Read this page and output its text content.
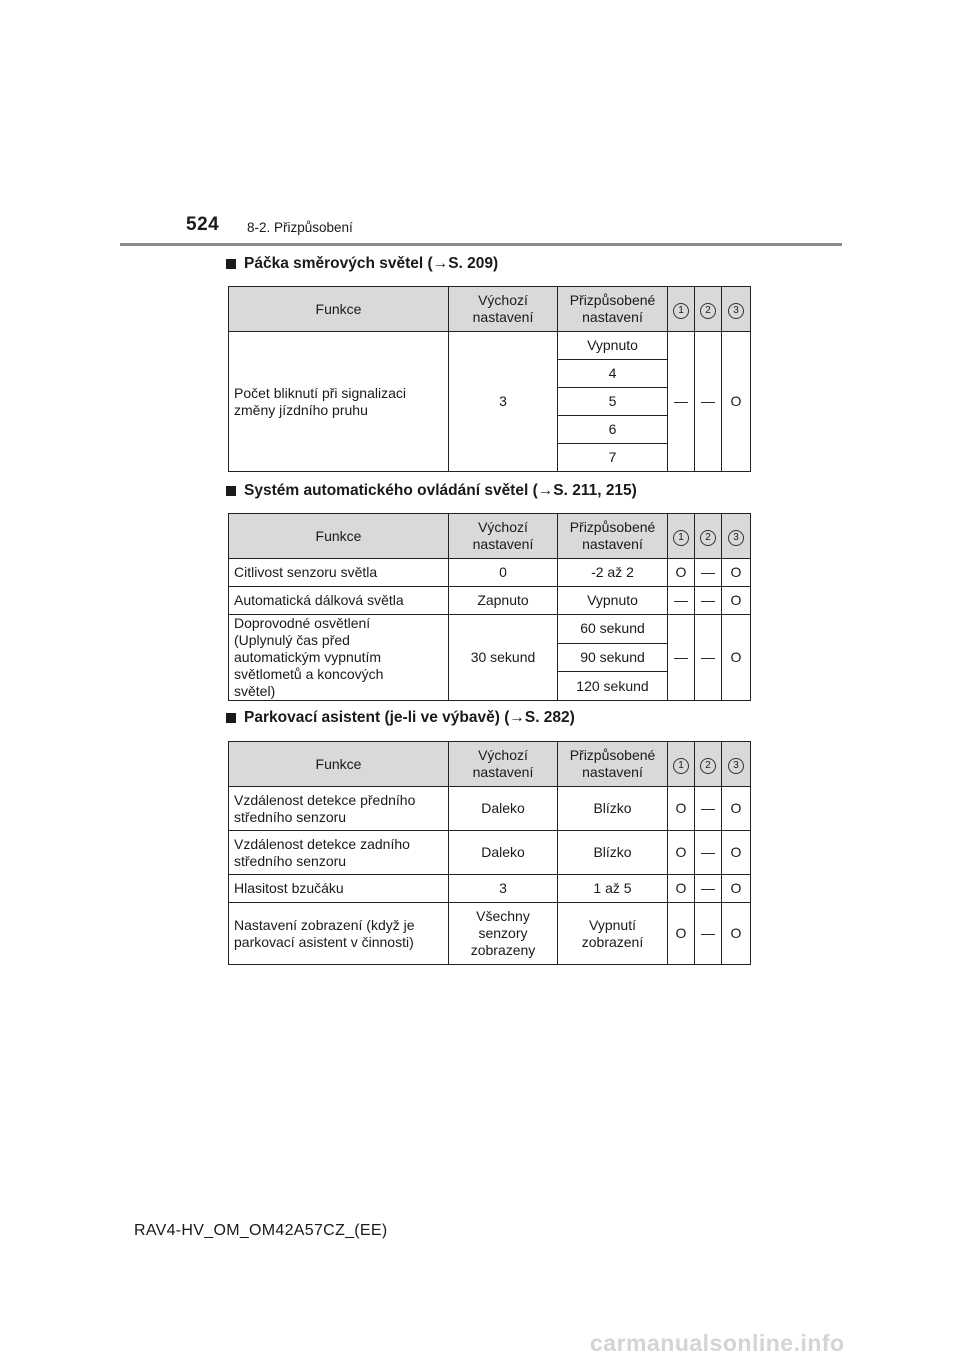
524 8-2. Přizpůsobení
Páčka směrových světel (→S. 209)
Funkce	Výchozí nastavení	Přizpůsobené nastavení	1	2	3
Počet bliknutí při signalizaci změny jízdního pruhu	3	Vypnuto	—	—	O
		4			
		5			
		6			
		7			
Systém automatického ovládání světel (→S. 211, 215)
Funkce	Výchozí nastavení	Přizpůsobené nastavení	1	2	3
Citlivost senzoru světla	0	-2 až 2	O	—	O
Automatická dálková světla	Zapnuto	Vypnuto	—	—	O
Doprovodné osvětlení (Uplynulý čas před automatickým vypnutím světlometů a koncových světel)	30 sekund	60 sekund	—	—	O
		90 sekund			
		120 sekund			
Parkovací asistent (je-li ve výbavě) (→S. 282)
Funkce	Výchozí nastavení	Přizpůsobené nastavení	1	2	3
Vzdálenost detekce předního středního senzoru	Daleko	Blízko	O	—	O
Vzdálenost detekce zadního středního senzoru	Daleko	Blízko	O	—	O
Hlasitost bzučáku	3	1 až 5	O	—	O
Nastavení zobrazení (když je parkovací asistent v činnosti)	Všechny senzory zobrazeny	Vypnutí zobrazení	O	—	O
RAV4-HV_OM_OM42A57CZ_(EE)
carmanualsonline.info
